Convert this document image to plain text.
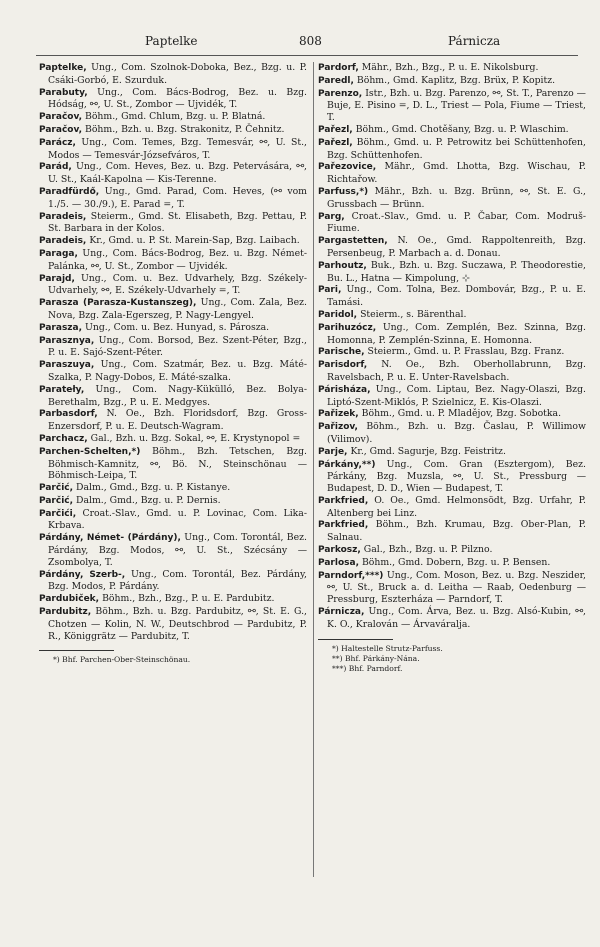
Paptelke	808	Párnicza

Paptelke, Ung., Com. Szolnok-Doboka, Bez., Bzg. u. P. Csáki-Gorbó, E. Szurduk.

Parabuty, Ung., Com. Bács-Bodrog, Bez. u. Bzg. Hódság, ⚯, U. St., Zombor — Ujvidék, T.

Paračov, Böhm., Gmd. Chlum, Bzg. u. P. Blatná.

Paračov, Böhm., Bzh. u. Bzg. Strakonitz, P. Čehnitz.

Parácz, Ung., Com. Temes, Bzg. Temesvár, ⚯, U. St., Modos — Temesvár-Józsefváros, T.

Parád, Ung., Com. Heves, Bez. u. Bzg. Petervására, ⚯, U. St., Kaál-Kapolna — Kis-Terenne.

Paradfürdő, Ung., Gmd. Parad, Com. Heves, (⚯ vom 1./5. — 30./9.), E. Parad =, T.

Paradeis, Steierm., Gmd. St. Elisabeth, Bzg. Pettau, P. St. Barbara in der Kolos.

Paradeis, Kr., Gmd. u. P. St. Marein-Sap, Bzg. Laibach.

Paraga, Ung., Com. Bács-Bodrog, Bez. u. Bzg. Német-Palánka, ⚯, U. St., Zombor — Ujvidék.

Parajd, Ung., Com. u. Bez. Udvarhely, Bzg. Székely-Udvarhely, ⚯, E. Székely-Udvarhely =, T.

Parasza (Parasza-Kustanszeg), Ung., Com. Zala, Bez. Nova, Bzg. Zala-Egerszeg, P. Nagy-Lengyel.

Parasza, Ung., Com. u. Bez. Hunyad, s. Párosza.

Parasznya, Ung., Com. Borsod, Bez. Szent-Péter, Bzg., P. u. E. Sajó-Szent-Péter.

Paraszuya, Ung., Com. Szatmár, Bez. u. Bzg. Máté-Szalka, P. Nagy-Dobos, E. Máté-szalka.

Parateły, Ung., Com. Nagy-Kükülló, Bez. Bolya-Berethalm, Bzg., P. u. E. Medgyes.

Parbasdorf, N. Oe., Bzh. Floridsdorf, Bzg. Gross-Enzersdorf, P. u. E. Deutsch-Wagram.

Parchacz, Gal., Bzh. u. Bzg. Sokal, ⚯, E. Krystynopol =

Parchen-Schelten,*) Böhm., Bzh. Tetschen, Bzg. Böhmisch-Kamnitz, ⚯, Bö. N., Steinschönau — Böhmisch-Leipa, T.

Parčić, Dalm., Gmd., Bzg. u. P. Kistanye.

Parčić, Dalm., Gmd., Bzg. u. P. Dernis.

Parčići, Croat.-Slav., Gmd. u. P. Lovinac, Com. Lika-Krbava.

Párdány, Német- (Párdány), Ung., Com. Torontál, Bez. Párdány, Bzg. Modos, ⚯, U. St., Szécsány — Zsombolya, T.

Párdány, Szerb-, Ung., Com. Torontál, Bez. Párdány, Bzg. Modos, P. Párdány.

Pardubiček, Böhm., Bzh., Bzg., P. u. E. Pardubitz.

Pardubitz, Böhm., Bzh. u. Bzg. Pardubitz, ⚯, St. E. G., Chotzen — Kolin, N. W., Deutschbrod — Pardubitz, P. R., Königgrätz — Pardubitz, T.

*) Bhf. Parchen-Ober-Steinschönau.

Pardorf, Mähr., Bzh., Bzg., P. u. E. Nikolsburg.

Paredl, Böhm., Gmd. Kaplitz, Bzg. Brüx, P. Kopitz.

Parenzo, Istr., Bzh. u. Bzg. Parenzo, ⚯, St. T., Parenzo — Buje, E. Pisino =, D. L., Triest — Pola, Fiume — Triest, T.

Pařezl, Böhm., Gmd. Chotěšany, Bzg. u. P. Wlaschim.

Pařezl, Böhm., Gmd. u. P. Petrowitz bei Schüttenhofen, Bzg. Schüttenhofen.

Pařezovice, Mähr., Gmd. Lhotta, Bzg. Wischau, P. Richtařow.

Parfuss,*) Mähr., Bzh. u. Bzg. Brünn, ⚯, St. E. G., Grussbach — Brünn.

Parg, Croat.-Slav., Gmd. u. P. Čabar, Com. Modruš-Fiume.

Pargastetten, N. Oe., Gmd. Rappoltenreith, Bzg. Persenbeug, P. Marbach a. d. Donau.

Parhoutz, Buk., Bzh. u. Bzg. Suczawa, P. Theodorestie, Bu. L., Hatna — Kimpolung, ⊹

Pari, Ung., Com. Tolna, Bez. Dombovár, Bzg., P. u. E. Tamási.

Paridol, Steierm., s. Bärenthal.

Parihuzócz, Ung., Com. Zemplén, Bez. Szinna, Bzg. Homonna, P. Zemplén-Szinna, E. Homonna.

Parische, Steierm., Gmd. u. P. Frasslau, Bzg. Franz.

Parisdorf, N. Oe., Bzh. Oberhollabrunn, Bzg. Ravelsbach, P. u. E. Unter-Ravelsbach.

Párisháza, Ung., Com. Liptau, Bez. Nagy-Olaszi, Bzg. Liptó-Szent-Miklós, P. Szielnicz, E. Kis-Olaszi.

Pařizek, Böhm., Gmd. u. P. Mladějov, Bzg. Sobotka.

Pařizov, Böhm., Bzh. u. Bzg. Časlau, P. Willimow (Vilimov).

Parje, Kr., Gmd. Sagurje, Bzg. Feistritz.

Párkány,**) Ung., Com. Gran (Esztergom), Bez. Párkány, Bzg. Muzsla, ⚯, U. St., Pressburg — Budapest, D. D., Wien — Budapest, T.

Parkfried, O. Oe., Gmd. Helmonsödt, Bzg. Urfahr, P. Altenberg bei Linz.

Parkfried, Böhm., Bzh. Krumau, Bzg. Ober-Plan, P. Salnau.

Parkosz, Gal., Bzh., Bzg. u. P. Pilzno.

Parlosa, Böhm., Gmd. Dobern, Bzg. u. P. Bensen.

Parndorf,***) Ung., Com. Moson, Bez. u. Bzg. Neszider, ⚯, U. St., Bruck a. d. Leitha — Raab, Oedenburg — Pressburg, Eszterháza — Parndorf, T.

Párnicza, Ung., Com. Árva, Bez. u. Bzg. Alsó-Kubin, ⚯, K. O., Kralován — Árvaváralja.

*) Haltestelle Strutz-Parfuss.
**) Bhf. Párkány-Nána.
***) Bhf. Parndorf.
